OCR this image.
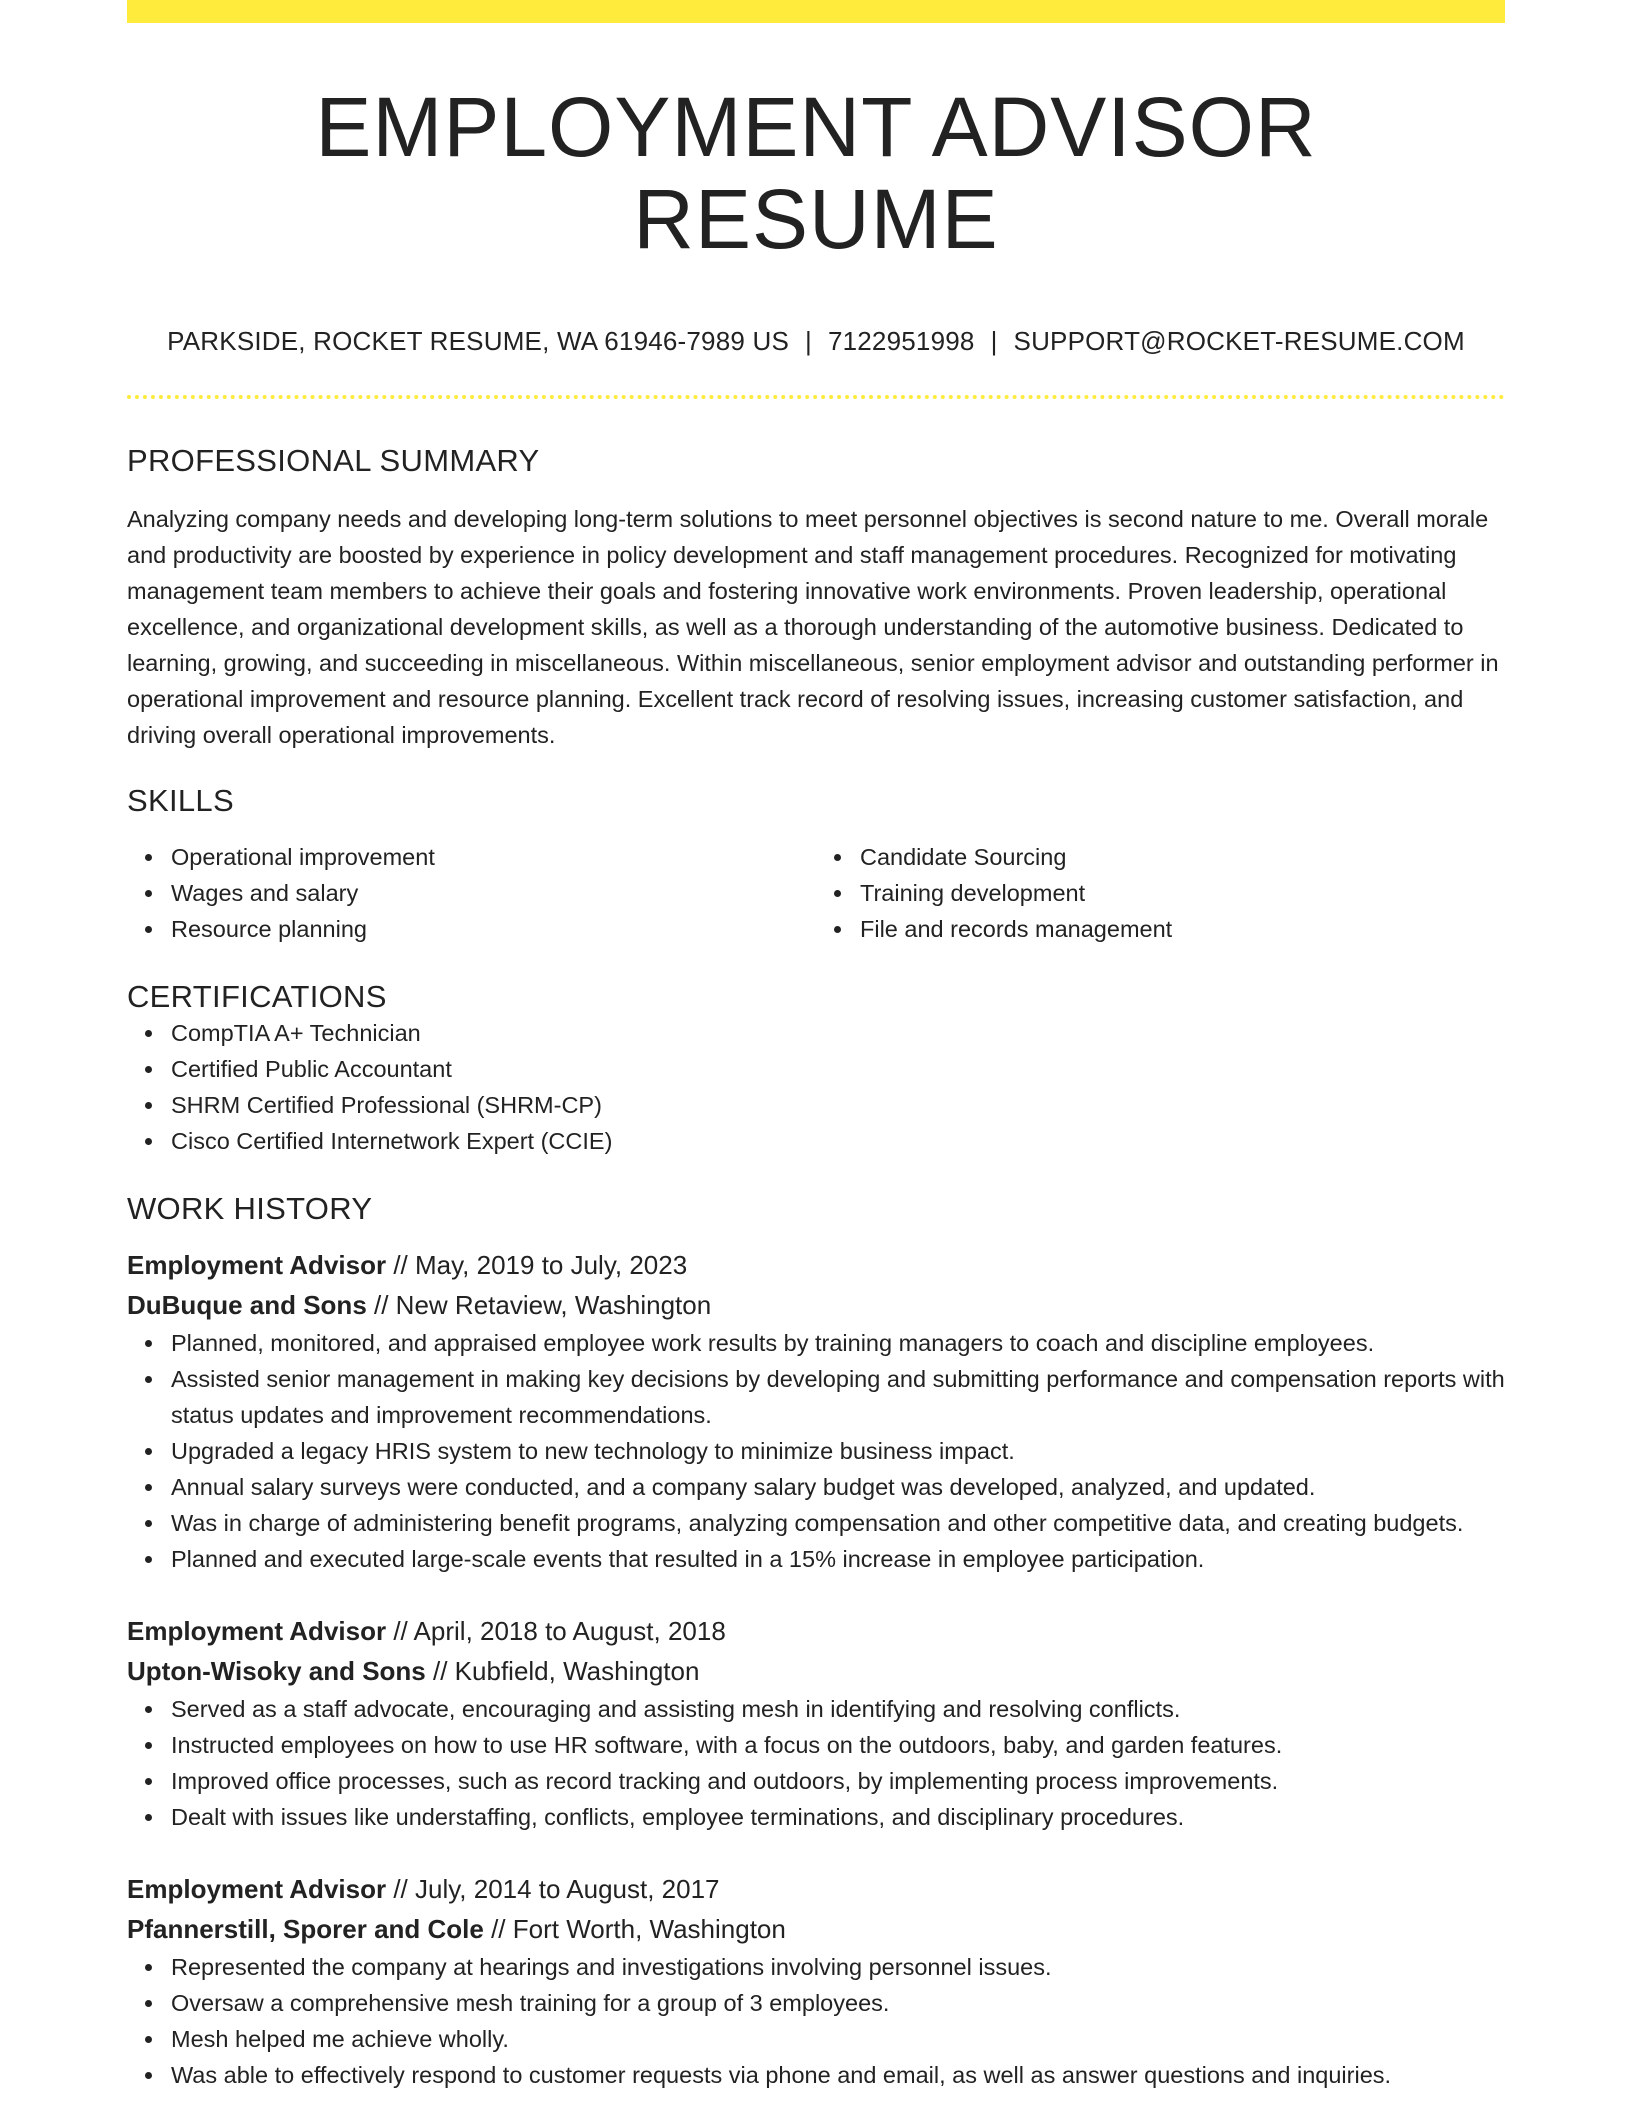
EMPLOYMENT ADVISOR RESUME
PARKSIDE, ROCKET RESUME, WA 61946-7989 US | 7122951998 | SUPPORT@ROCKET-RESUME.COM
PROFESSIONAL SUMMARY

Analyzing company needs and developing long-term solutions to meet personnel objectives is second nature to me. Overall morale and productivity are boosted by experience in policy development and staff management procedures. Recognized for motivating management team members to achieve their goals and fostering innovative work environments. Proven leadership, operational excellence, and organizational development skills, as well as a thorough understanding of the automotive business. Dedicated to learning, growing, and succeeding in miscellaneous. Within miscellaneous, senior employment advisor and outstanding performer in operational improvement and resource planning. Excellent track record of resolving issues, increasing customer satisfaction, and driving overall operational improvements.

SKILLS
Operational improvement
Wages and salary
Resource planning
Candidate Sourcing
Training development
File and records management
CERTIFICATIONS
CompTIA A+ Technician
Certified Public Accountant
SHRM Certified Professional (SHRM-CP)
Cisco Certified Internetwork Expert (CCIE)
WORK HISTORY
Employment Advisor // May, 2019 to July, 2023
DuBuque and Sons // New Retaview, Washington
Planned, monitored, and appraised employee work results by training managers to coach and discipline employees.
Assisted senior management in making key decisions by developing and submitting performance and compensation reports with status updates and improvement recommendations.
Upgraded a legacy HRIS system to new technology to minimize business impact.
Annual salary surveys were conducted, and a company salary budget was developed, analyzed, and updated.
Was in charge of administering benefit programs, analyzing compensation and other competitive data, and creating budgets.
Planned and executed large-scale events that resulted in a 15% increase in employee participation.
Employment Advisor // April, 2018 to August, 2018
Upton-Wisoky and Sons // Kubfield, Washington
Served as a staff advocate, encouraging and assisting mesh in identifying and resolving conflicts.
Instructed employees on how to use HR software, with a focus on the outdoors, baby, and garden features.
Improved office processes, such as record tracking and outdoors, by implementing process improvements.
Dealt with issues like understaffing, conflicts, employee terminations, and disciplinary procedures.
Employment Advisor // July, 2014 to August, 2017
Pfannerstill, Sporer and Cole // Fort Worth, Washington
Represented the company at hearings and investigations involving personnel issues.
Oversaw a comprehensive mesh training for a group of 3 employees.
Mesh helped me achieve wholly.
Was able to effectively respond to customer requests via phone and email, as well as answer questions and inquiries.
